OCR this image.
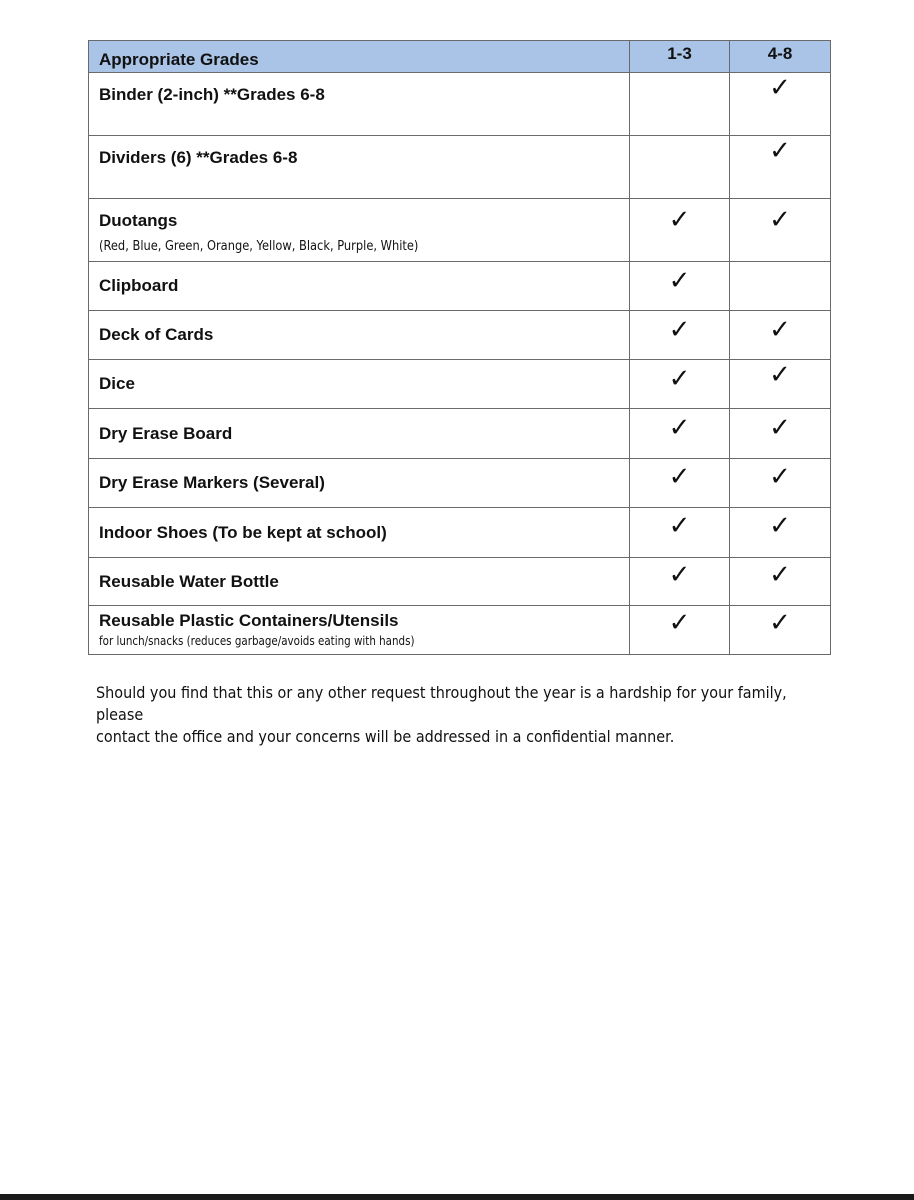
Appropriate Grades	1-3	4-8

Binder (2-inch) **Grades 6-8		✓

Dividers (6) **Grades 6-8		✓

Duotangs
(Red, Blue, Green, Orange, Yellow, Black, Purple, White)	✓	✓

Clipboard	✓	

Deck of Cards	✓	✓

Dice	✓	✓

Dry Erase Board	✓	✓

Dry Erase Markers (Several)	✓	✓

Indoor Shoes (To be kept at school)	✓	✓

Reusable Water Bottle	✓	✓

Reusable Plastic Containers/Utensils
for lunch/snacks (reduces garbage/avoids eating with hands)	✓	✓
Should you find that this or any other request throughout the year is a hardship for your family, please
contact the office and your concerns will be addressed in a confidential manner.
